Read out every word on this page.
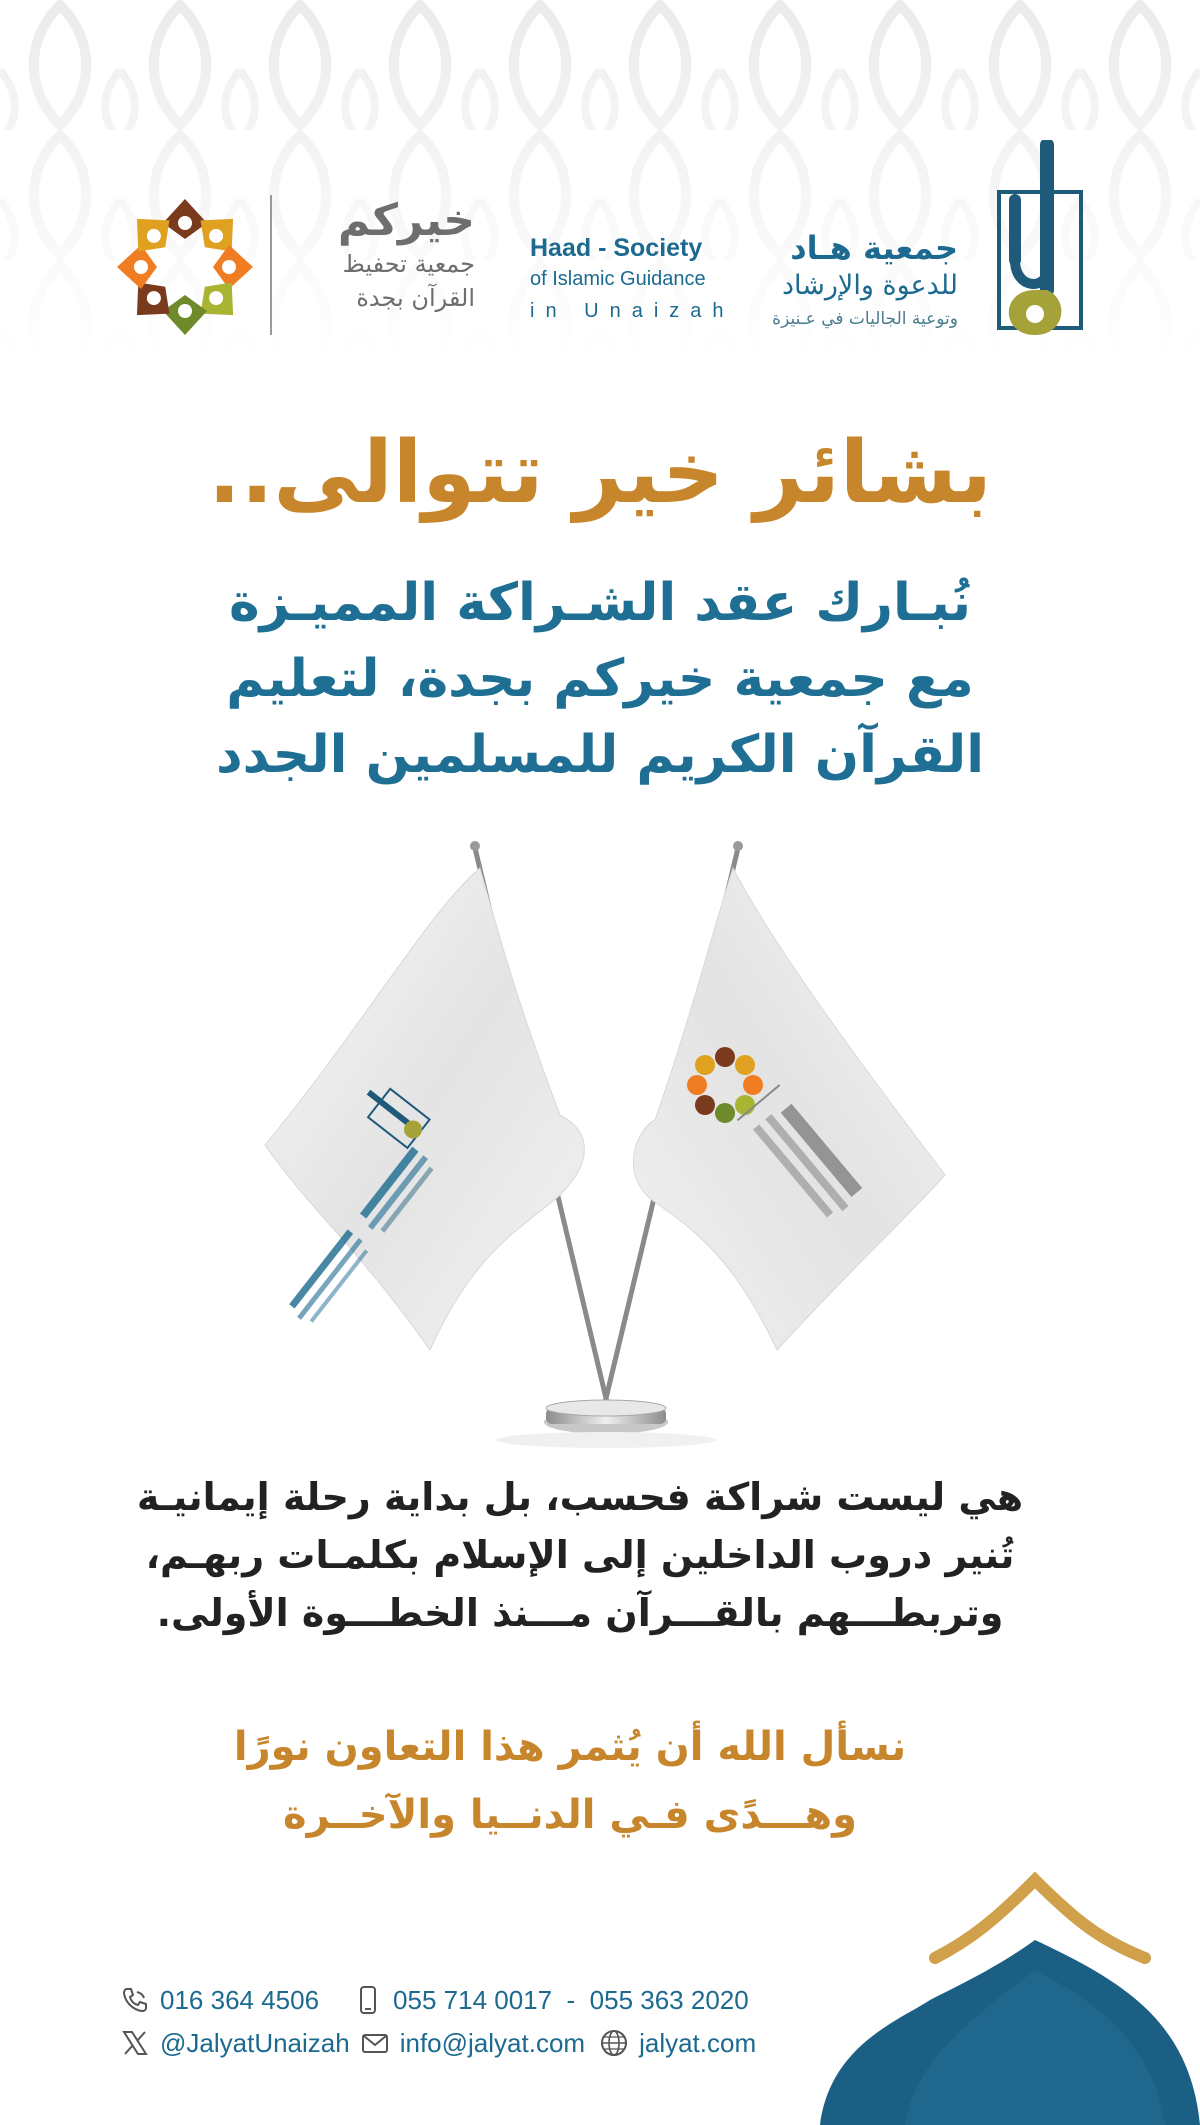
خيركم
جمعية تحفيظ
القرآن بجدة
Haad - Society
of Islamic Guidance
in Unaizah
جمعية هـاد
للدعوة والإرشاد
وتوعية الجاليات في عـنيزة
بشائر خير تتوالى..
نُبـارك عقد الشـراكة المميـزة
مع جمعية خيركم بجدة، لتعليم
القرآن الكريم للمسلمين الجدد
هي ليست شراكة فحسب، بل بداية رحلة إيمانيـة
تُنير دروب الداخلين إلى الإسلام بكلمـات ربهـم،
وتربطـــهم بالقـــرآن مـــنذ الخطـــوة الأولى.
نسأل الله أن يُثمر هذا التعاون نورًا
وهـــدًى فـي الدنــيا والآخــرة
016 364 4506	055 714 0017  -  055 363 2020
@JalyatUnaizah info@jalyat.com jalyat.com
